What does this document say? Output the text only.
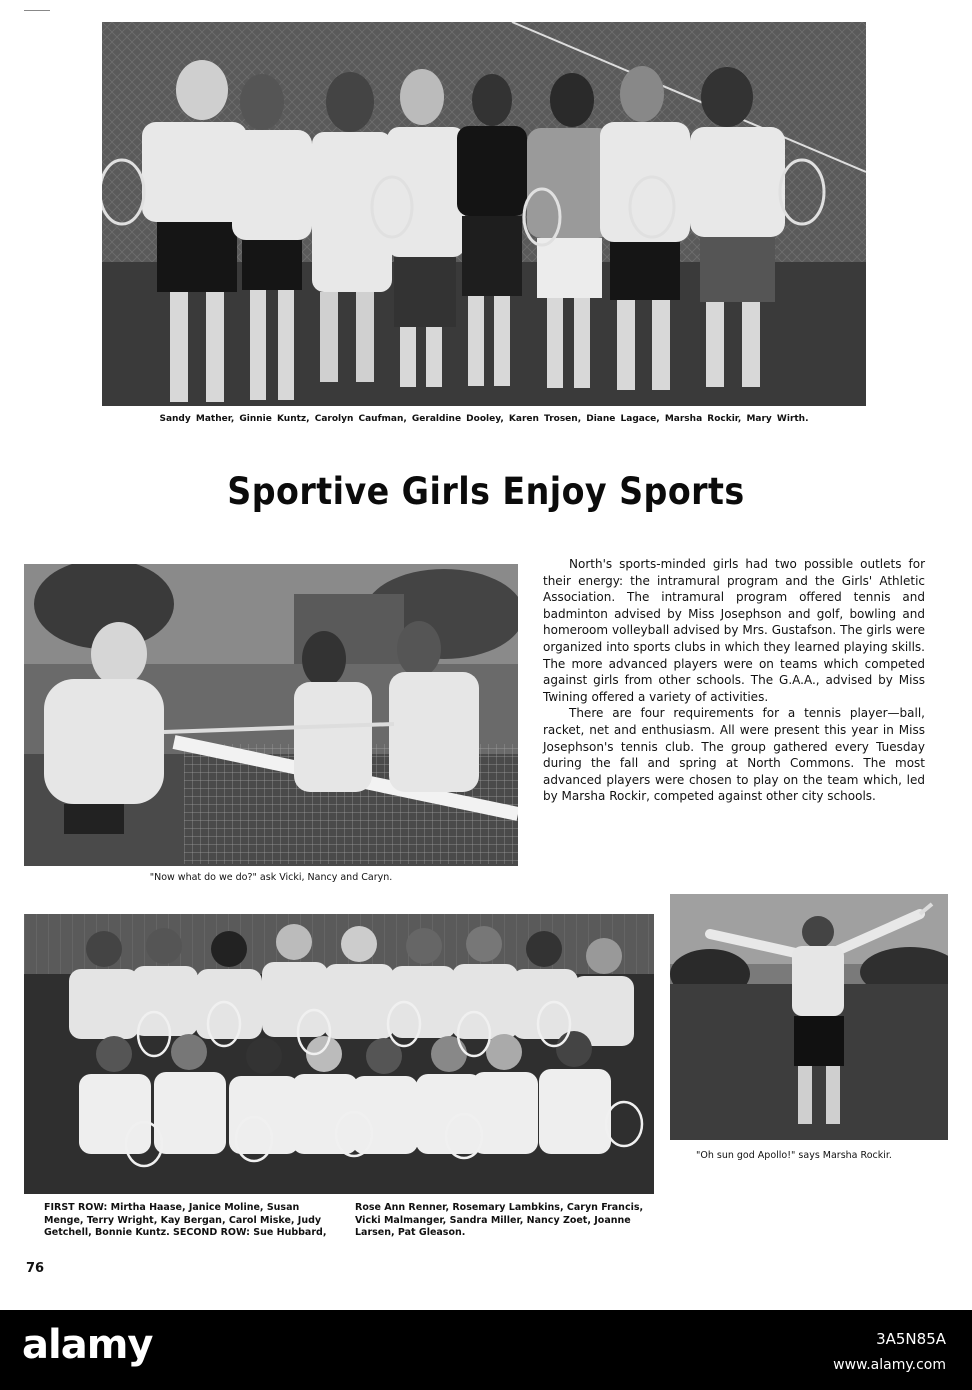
Sandy Mather, Ginnie Kuntz, Carolyn Caufman, Geraldine Dooley, Karen Trosen, Diane Lagace, Marsha Rockir, Mary Wirth.
Sportive Girls Enjoy Sports
"Now what do we do?" ask Vicki, Nancy and Caryn.

North's sports-minded girls had two possible outlets for their energy: the intramural program and the Girls' Athletic Association. The intramural program offered tennis and badminton advised by Miss Josephson and golf, bowling and homeroom volleyball advised by Mrs. Gustafson. The girls were organized into sports clubs in which they learned playing skills. The more advanced players were on teams which competed against girls from other schools. The G.A.A., advised by Miss Twining offered a variety of activities.

There are four requirements for a tennis player—ball, racket, net and enthusiasm. All were present this year in Miss Josephson's tennis club. The group gathered every Tuesday during the fall and spring at North Commons. The most advanced players were chosen to play on the team which, led by Marsha Rockir, competed against other city schools.

FIRST ROW: Mirtha Haase, Janice Moline, Susan Menge, Terry Wright, Kay Bergan, Carol Miske, Judy Getchell, Bonnie Kuntz. SECOND ROW: Sue Hubbard,
Rose Ann Renner, Rosemary Lambkins, Caryn Francis, Vicki Malmanger, Sandra Miller, Nancy Zoet, Joanne Larsen, Pat Gleason.
"Oh sun god Apollo!" says Marsha Rockir.
76
alamy	3A5N85A
www.alamy.com
